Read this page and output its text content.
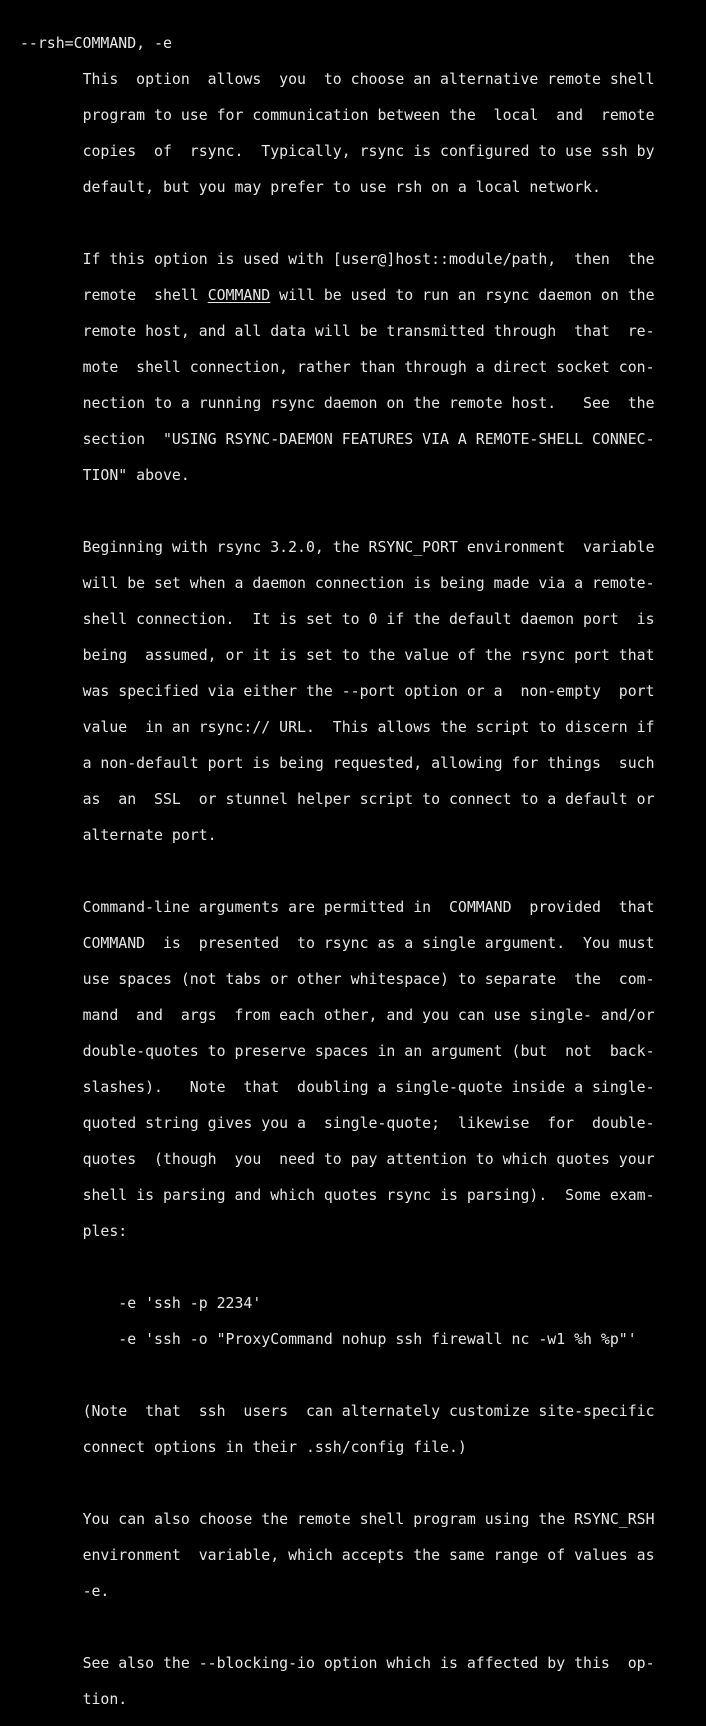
--rsh=COMMAND, -e

This  option  allows  you  to choose an alternative remote shell

program to use for communication between the  local  and  remote

copies  of  rsync.  Typically, rsync is configured to use ssh by

default, but you may prefer to use rsh on a local network.

If this option is used with [user@]host::module/path,  then  the

remote  shell COMMAND will be used to run an rsync daemon on the

remote host, and all data will be transmitted through  that  re-

mote  shell connection, rather than through a direct socket con-

nection to a running rsync daemon on the remote host.   See  the

section  "USING RSYNC-DAEMON FEATURES VIA A REMOTE-SHELL CONNEC-

TION" above.

Beginning with rsync 3.2.0, the RSYNC_PORT environment  variable

will be set when a daemon connection is being made via a remote-

shell connection.  It is set to 0 if the default daemon port  is

being  assumed, or it is set to the value of the rsync port that

was specified via either the --port option or a  non-empty  port

value  in an rsync:// URL.  This allows the script to discern if

a non-default port is being requested, allowing for things  such

as  an  SSL  or stunnel helper script to connect to a default or

alternate port.

Command-line arguments are permitted in  COMMAND  provided  that

COMMAND  is  presented  to rsync as a single argument.  You must

use spaces (not tabs or other whitespace) to separate  the  com-

mand  and  args  from each other, and you can use single- and/or

double-quotes to preserve spaces in an argument (but  not  back-

slashes).   Note  that  doubling a single-quote inside a single-

quoted string gives you a  single-quote;  likewise  for  double-

quotes  (though  you  need to pay attention to which quotes your

shell is parsing and which quotes rsync is parsing).  Some exam-

ples:

-e 'ssh -p 2234'

-e 'ssh -o "ProxyCommand nohup ssh firewall nc -w1 %h %p"'

(Note  that  ssh  users  can alternately customize site-specific

connect options in their .ssh/config file.)

You can also choose the remote shell program using the RSYNC_RSH

environment  variable, which accepts the same range of values as

-e.

See also the --blocking-io option which is affected by this  op-

tion.
